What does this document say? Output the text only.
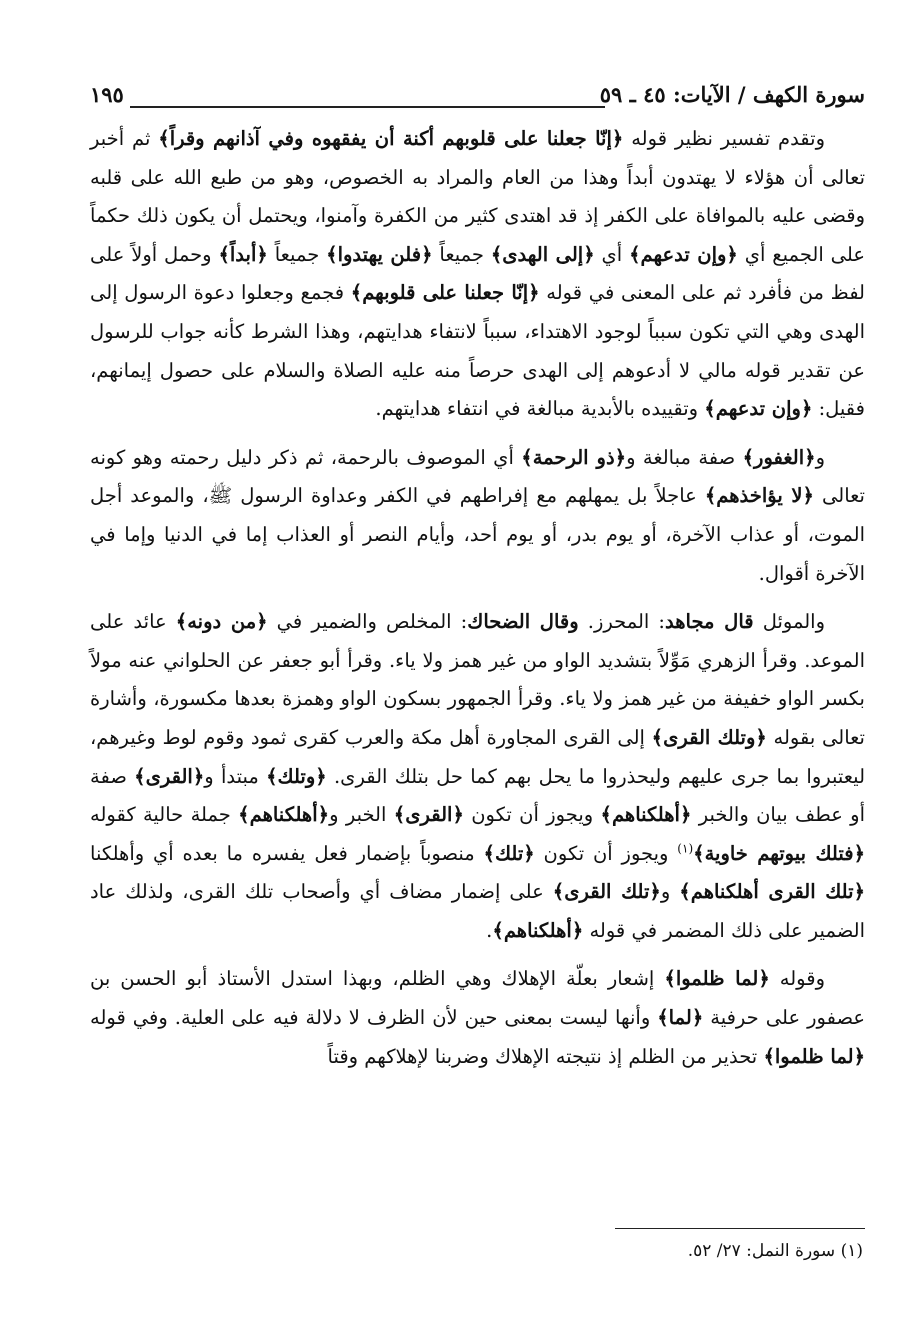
سورة الكهف / الآيات: ٤٥ ـ ٥٩
١٩٥

وتقدم تفسير نظير قوله ﴿ إنّا جعلنا على قلوبهم أكنة أن يفقهوه وفي آذانهم وقراً ﴾ ثم أخبر تعالى أن هؤلاء لا يهتدون أبداً وهذا من العام والمراد به الخصوص، وهو من طبع الله على قلبه وقضى عليه بالموافاة على الكفر إذ قد اهتدى كثير من الكفرة وآمنوا، ويحتمل أن يكون ذلك حكماً على الجميع أي ﴿ وإن تدعهم ﴾ أي ﴿ إلى الهدى ﴾ جميعاً ﴿ فلن يهتدوا ﴾ جميعاً ﴿ أبداً ﴾ وحمل أولاً على لفظ من فأفرد ثم على المعنى في قوله ﴿ إنّا جعلنا على قلوبهم ﴾ فجمع وجعلوا دعوة الرسول إلى الهدى وهي التي تكون سبباً لوجود الاهتداء، سبباً لانتفاء هدايتهم، وهذا الشرط كأنه جواب للرسول عن تقدير قوله مالي لا أدعوهم إلى الهدى حرصاً منه عليه الصلاة والسلام على حصول إيمانهم، فقيل: ﴿ وإن تدعهم ﴾ وتقييده بالأبدية مبالغة في انتفاء هدايتهم.

و﴿ الغفور ﴾ صفة مبالغة و﴿ ذو الرحمة ﴾ أي الموصوف بالرحمة، ثم ذكر دليل رحمته وهو كونه تعالى ﴿ لا يؤاخذهم ﴾ عاجلاً بل يمهلهم مع إفراطهم في الكفر وعداوة الرسول ﷺ، والموعد أجل الموت، أو عذاب الآخرة، أو يوم بدر، أو يوم أحد، وأيام النصر أو العذاب إما في الدنيا وإما في الآخرة أقوال.

والموئل قال مجاهد: المحرز. وقال الضحاك: المخلص والضمير في ﴿ من دونه ﴾ عائد على الموعد. وقرأ الزهري مَوِّلاً بتشديد الواو من غير همز ولا ياء. وقرأ أبو جعفر عن الحلواني عنه مولاً بكسر الواو خفيفة من غير همز ولا ياء. وقرأ الجمهور بسكون الواو وهمزة بعدها مكسورة، وأشارة تعالى بقوله ﴿ وتلك القرى ﴾ إلى القرى المجاورة أهل مكة والعرب كقرى ثمود وقوم لوط وغيرهم، ليعتبروا بما جرى عليهم وليحذروا ما يحل بهم كما حل بتلك القرى. ﴿ وتلك ﴾ مبتدأ و﴿ القرى ﴾ صفة أو عطف بيان والخبر ﴿ أهلكناهم ﴾ ويجوز أن تكون ﴿ القرى ﴾ الخبر و﴿ أهلكناهم ﴾ جملة حالية كقوله ﴿ فتلك بيوتهم خاوية ﴾$^{(١)}$ ويجوز أن تكون ﴿ تلك ﴾ منصوباً بإضمار فعل يفسره ما بعده أي وأهلكنا ﴿ تلك القرى أهلكناهم ﴾ و﴿ تلك القرى ﴾ على إضمار مضاف أي وأصحاب تلك القرى، ولذلك عاد الضمير على ذلك المضمر في قوله ﴿ أهلكناهم ﴾.

وقوله ﴿ لما ظلموا ﴾ إشعار بعلّة الإهلاك وهي الظلم، وبهذا استدل الأستاذ أبو الحسن بن عصفور على حرفية ﴿ لما ﴾ وأنها ليست بمعنى حين لأن الظرف لا دلالة فيه على العلية. وفي قوله ﴿ لما ظلموا ﴾ تحذير من الظلم إذ نتيجته الإهلاك وضربنا لإهلاكهم وقتاً

(١) سورة النمل: ٢٧/ ٥٢.
